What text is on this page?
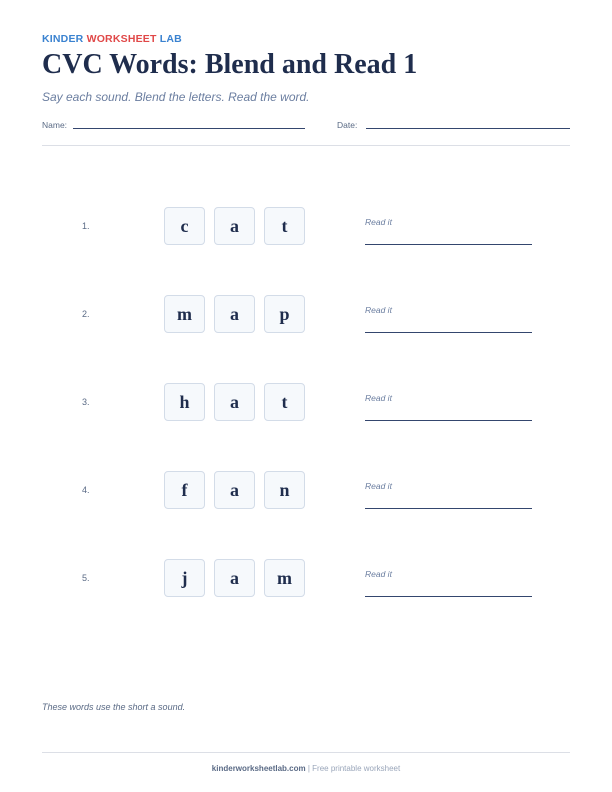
KINDER WORKSHEET LAB
CVC Words: Blend and Read 1
Say each sound. Blend the letters. Read the word.
Name:	Date:
1.	c	a	t	Read it
2.	m	a	p	Read it
3.	h	a	t	Read it
4.	f	a	n	Read it
5.	j	a	m	Read it
These words use the short a sound.
kinderworksheetlab.com | Free printable worksheet
